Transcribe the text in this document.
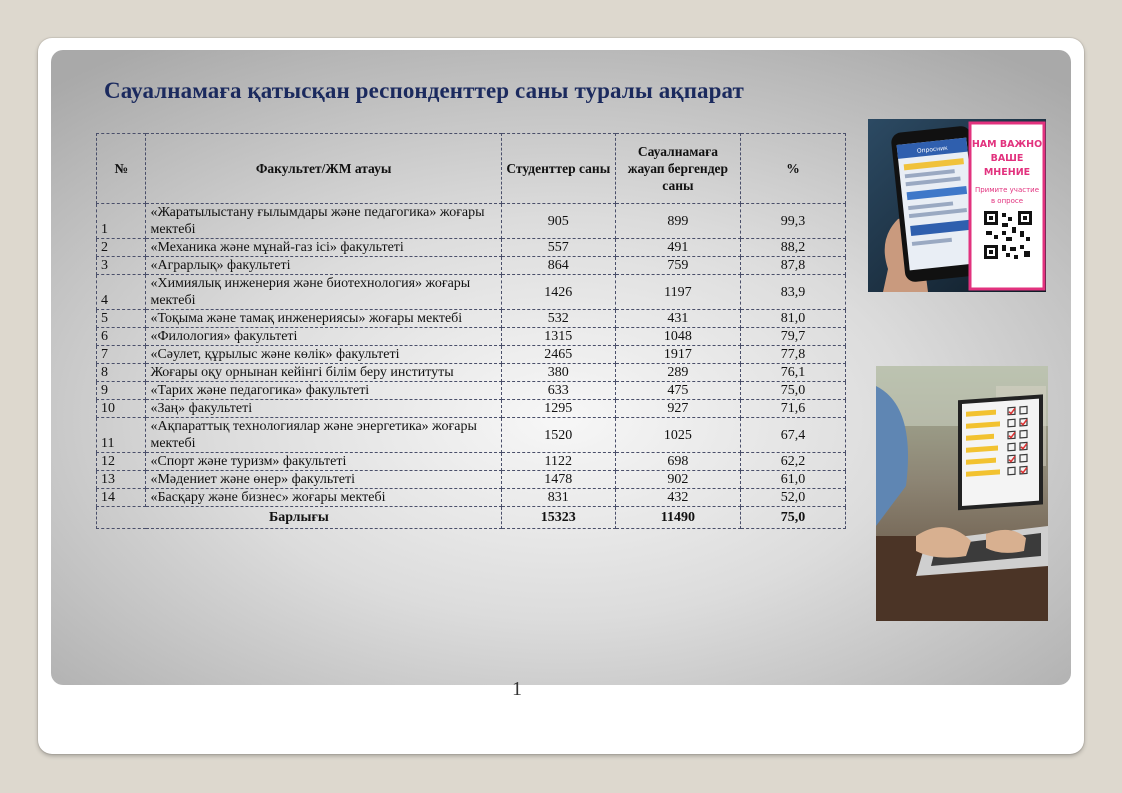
Сауалнамаға қатысқан респонденттер саны туралы ақпарат
№	Факультет/ЖМ атауы	Студенттер саны	Сауалнамаға жауап бергендер саны	%
1	«Жаратылыстану ғылымдары және педагогика» жоғары мектебі	905	899	99,3
2	«Механика және мұнай-газ ісі» факультеті	557	491	88,2
3	«Аграрлық» факультеті	864	759	87,8
4	«Химиялық инженерия және биотехнология» жоғары мектебі	1426	1197	83,9
5	«Тоқыма және тамақ инженериясы» жоғары мектебі	532	431	81,0
6	«Филология» факультеті	1315	1048	79,7
7	«Сәулет, құрылыс және көлік» факультеті	2465	1917	77,8
8	Жоғары оқу орнынан кейінгі білім беру институты	380	289	76,1
9	«Тарих және педагогика» факультеті	633	475	75,0
10	«Заң» факультеті	1295	927	71,6
11	«Ақпараттық технологиялар және энергетика» жоғары мектебі	1520	1025	67,4
12	«Спорт және туризм» факультеті	1122	698	62,2
13	«Мәдениет және өнер» факультеті	1478	902	61,0
14	«Басқару және бизнес» жоғары мектебі	831	432	52,0
Барлығы		15323	11490	75,0
Опросник	НАМ ВАЖНО
ВАШЕ
МНЕНИЕ
Примите участие
в опросе
1
